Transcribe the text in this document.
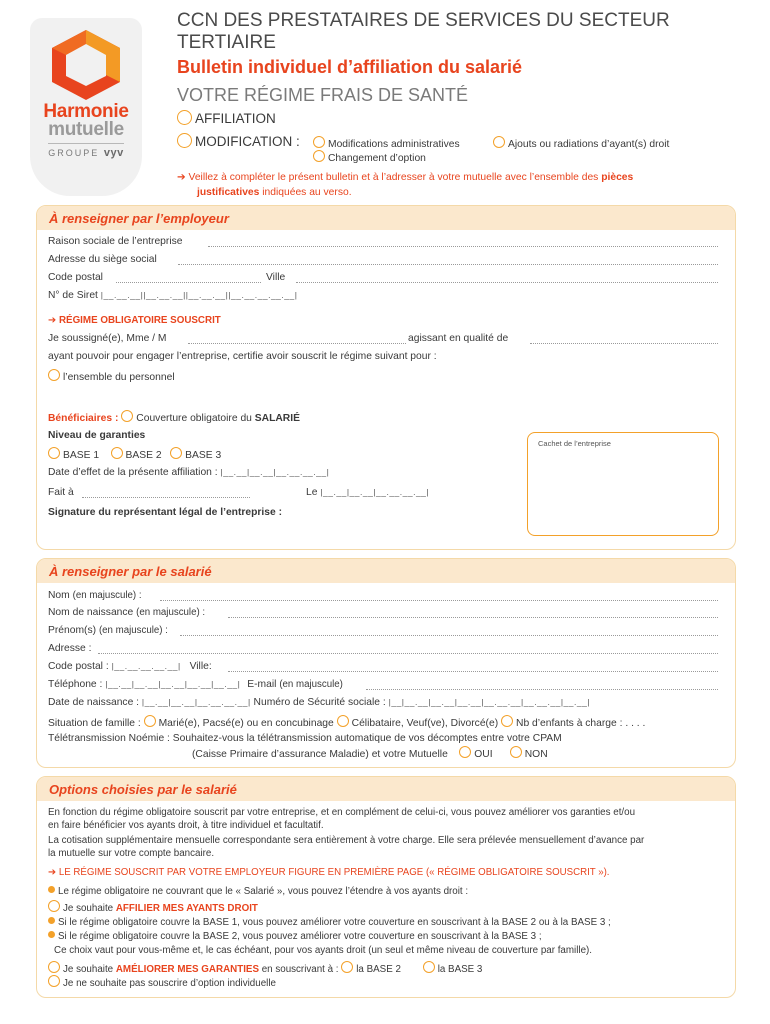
Harmonie
mutuelle
GROUPE vyv
CCN DES PRESTATAIRES DE SERVICES DU SECTEUR TERTIAIRE
Bulletin individuel d’affiliation du salarié
VOTRE RÉGIME FRAIS DE SANTÉ
AFFILIATION
MODIFICATION :	Modifications administratives	Ajouts ou radiations d’ayant(s) droit
Changement d’option
➔ Veillez à compléter le présent bulletin et à l’adresser à votre mutuelle avec l’ensemble des pièces
justificatives indiquées au verso.
À renseigner par l’employeur
Raison sociale de l’entreprise
Adresse du siège social
Code postal	Ville
N° de Siret |__.__.__||__.__.__||__.__.__||__.__.__.__.__|
➔ RÉGIME OBLIGATOIRE SOUSCRIT
Je soussigné(e), Mme / M	agissant en qualité de
ayant pouvoir pour engager l’entreprise, certifie avoir souscrit le régime suivant pour :
l’ensemble du personnel
Bénéficiaires : Couverture obligatoire du SALARIÉ
Niveau de garanties
BASE 1	BASE 2 BASE 3
Date d’effet de la présente affiliation : |__.__|__.__|__.__.__.__|
Fait à	Le |__.__|__.__|__.__.__.__|
Signature du représentant légal de l’entreprise :
Cachet de l’entreprise
À renseigner par le salarié
Nom (en majuscule) :
Nom de naissance (en majuscule) :
Prénom(s) (en majuscule) :
Adresse :
Code postal : |__.__.__.__.__| Ville:
Téléphone : |__.__|__.__|__.__|__.__|__.__| E-mail (en majuscule)
Date de naissance : |__.__|__.__|__.__.__.__| Numéro de Sécurité sociale : |__|__.__|__.__|__.__|__.__.__|__.__.__|__.__|
Situation de famille : Marié(e), Pacsé(e) ou en concubinage Célibataire, Veuf(ve), Divorcé(e) Nb d’enfants à charge : . . . .
Télétransmission Noémie : Souhaitez-vous la télétransmission automatique de vos décomptes entre votre CPAM
(Caisse Primaire d’assurance Maladie) et votre Mutuelle	OUI	NON
Options choisies par le salarié
En fonction du régime obligatoire souscrit par votre entreprise, et en complément de celui-ci, vous pouvez améliorer vos garanties et/ou
en faire bénéficier vos ayants droit, à titre individuel et facultatif.
La cotisation supplémentaire mensuelle correspondante sera entièrement à votre charge. Elle sera prélevée mensuellement d’avance par
la mutuelle sur votre compte bancaire.
➔ LE RÉGIME SOUSCRIT PAR VOTRE EMPLOYEUR FIGURE EN PREMIÈRE PAGE (« RÉGIME OBLIGATOIRE SOUSCRIT »).
Le régime obligatoire ne couvrant que le « Salarié », vous pouvez l’étendre à vos ayants droit :
Je souhaite AFFILIER MES AYANTS DROIT
Si le régime obligatoire couvre la BASE 1, vous pouvez améliorer votre couverture en souscrivant à la BASE 2 ou à la BASE 3 ;
Si le régime obligatoire couvre la BASE 2, vous pouvez améliorer votre couverture en souscrivant à la BASE 3 ;
Ce choix vaut pour vous-même et, le cas échéant, pour vos ayants droit (un seul et même niveau de couverture par famille).
Je souhaite AMÉLIORER MES GARANTIES en souscrivant à : la BASE 2	la BASE 3
Je ne souhaite pas souscrire d’option individuelle
